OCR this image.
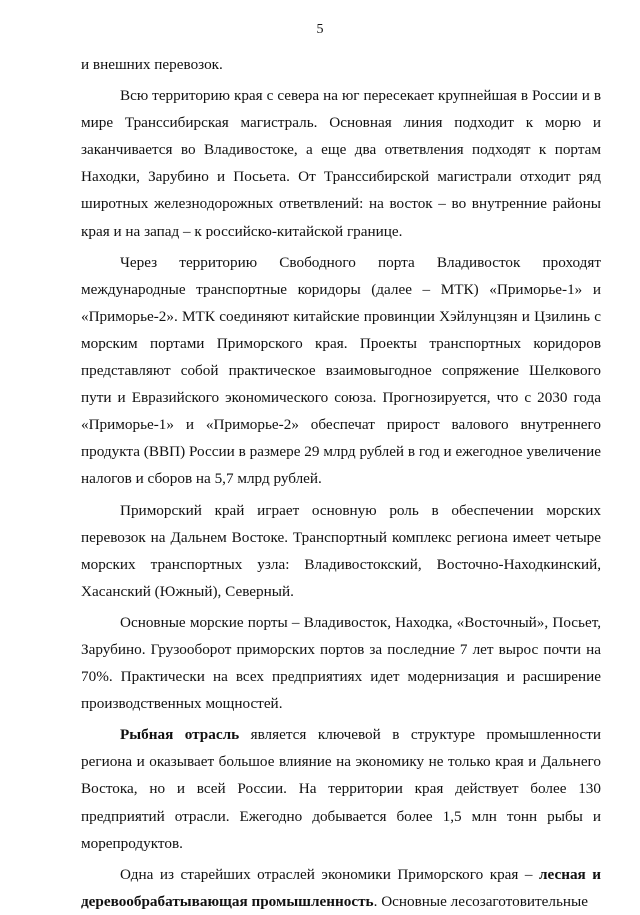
5

и внешних перевозок.

Всю территорию края с севера на юг пересекает крупнейшая в России и в мире Транссибирская магистраль. Основная линия подходит к морю и заканчивается во Владивостоке, а еще два ответвления подходят к портам Находки, Зарубино и Посьета. От Транссибирской магистрали отходит ряд широтных железнодорожных ответвлений: на восток – во внутренние районы края и на запад – к российско-китайской границе.

Через территорию Свободного порта Владивосток проходят международные транспортные коридоры (далее – МТК) «Приморье-1» и «Приморье-2». МТК соединяют китайские провинции Хэйлунцзян и Цзилинь с морским портами Приморского края. Проекты транспортных коридоров представляют собой практическое взаимовыгодное сопряжение Шелкового пути и Евразийского экономического союза. Прогнозируется, что с 2030 года «Приморье-1» и «Приморье-2» обеспечат прирост валового внутреннего продукта (ВВП) России в размере 29 млрд рублей в год и ежегодное увеличение налогов и сборов на 5,7 млрд рублей.

Приморский край играет основную роль в обеспечении морских перевозок на Дальнем Востоке. Транспортный комплекс региона имеет четыре морских транспортных узла: Владивостокский, Восточно-Находкинский, Хасанский (Южный), Северный.

Основные морские порты – Владивосток, Находка, «Восточный», Посьет, Зарубино. Грузооборот приморских портов за последние 7 лет вырос почти на 70%. Практически на всех предприятиях идет модернизация и расширение производственных мощностей.

Рыбная отрасль является ключевой в структуре промышленности региона и оказывает большое влияние на экономику не только края и Дальнего Востока, но и всей России. На территории края действует более 130 предприятий отрасли. Ежегодно добывается более 1,5 млн тонн рыбы и морепродуктов.

Одна из старейших отраслей экономики Приморского края – лесная и деревообрабатывающая промышленность. Основные лесозаготовительные
